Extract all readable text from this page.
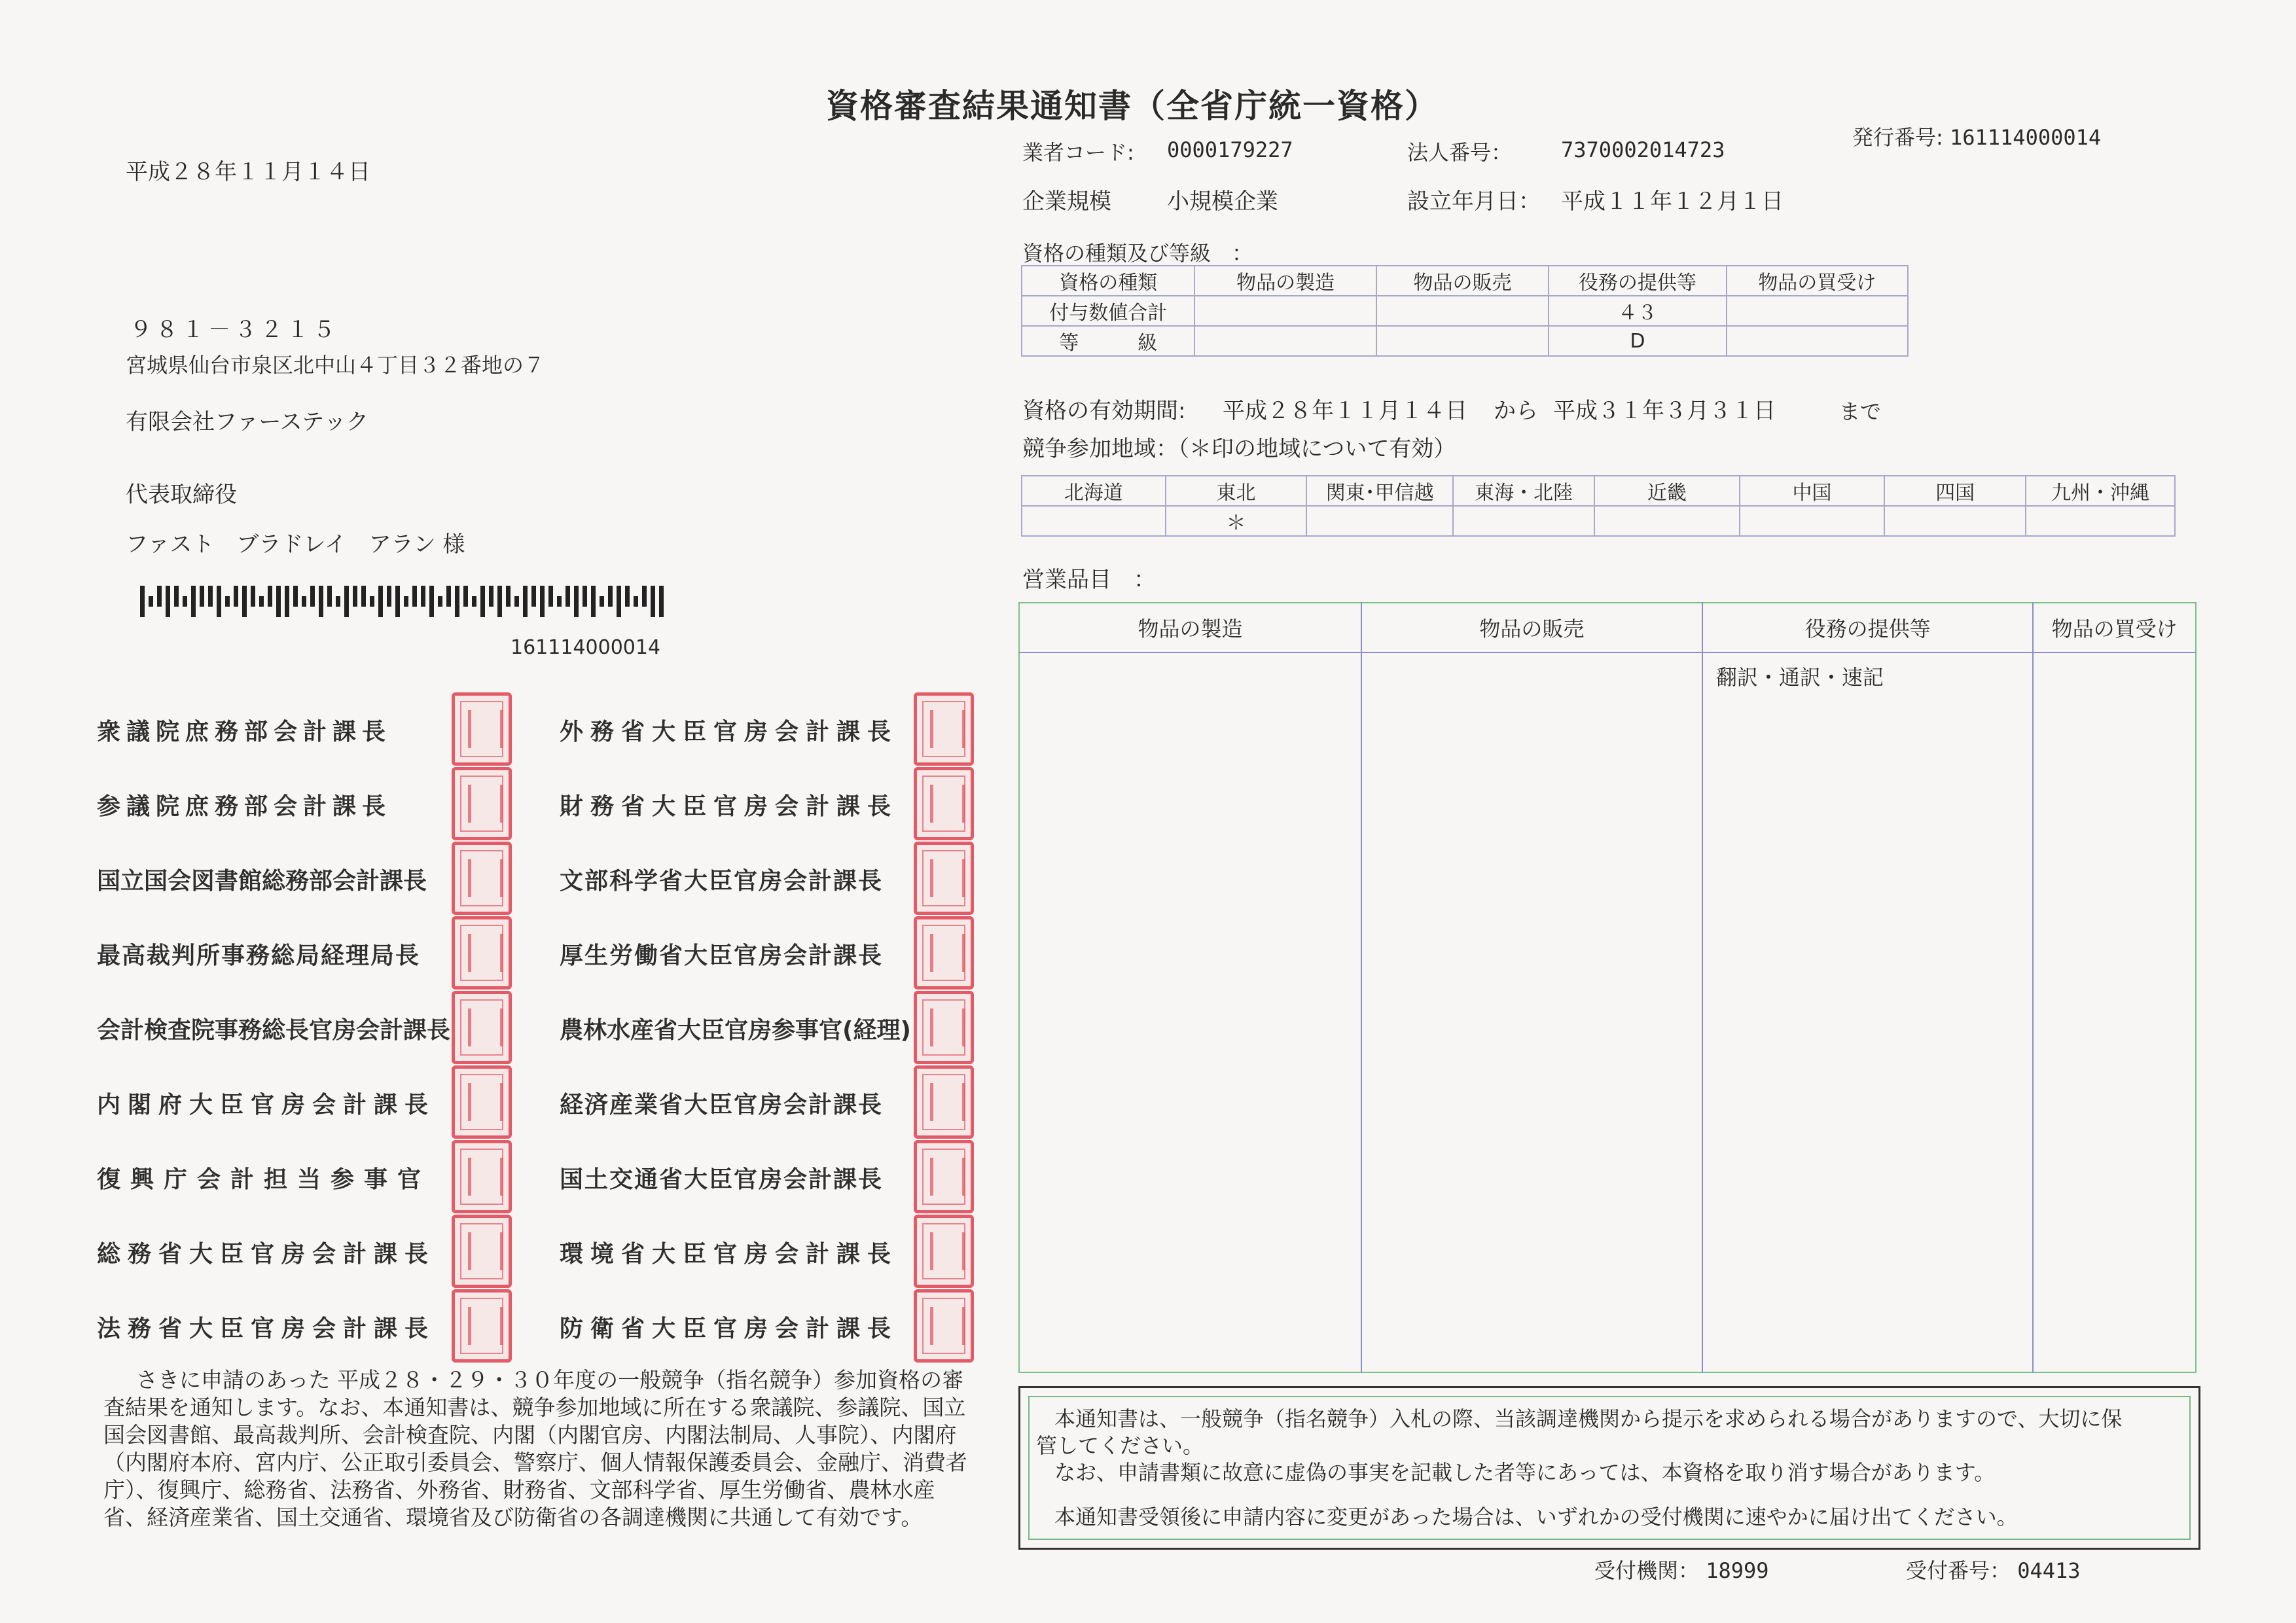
資格審査結果通知書（全省庁統一資格）
平成２８年１１月１４日
９８１－３２１５
宮城県仙台市泉区北中山４丁目３２番地の７
有限会社ファーステック
代表取締役
ファスト　ブラドレイ　アラン 様
161114000014
発行番号: 161114000014
業者コード: 0000179227	法人番号： 7370002014723
企業規模	小規模企業	設立年月日： 平成１１年１２月１日
資格の種類及び等級　：
資格の種類	物品の製造	物品の販売	役務の提供等	物品の買受け
付与数値合計			４３	
等　　　級			D	
資格の有効期間: 平成２８年１１月１４日 から 平成３１年３月３１日	まで
競争参加地域：（＊印の地域について有効）
北海道	東北	関東･甲信越	東海・北陸	近畿	中国	四国	九州・沖縄
	＊						
営業品目　：
物品の製造	物品の販売	役務の提供等	物品の買受け
		翻訳・通訳・速記	
本通知書は、一般競争（指名競争）入札の際、当該調達機関から提示を求められる場合がありますので、大切に保
管してください。
なお、申請書類に故意に虚偽の事実を記載した者等にあっては、本資格を取り消す場合があります。
本通知書受領後に申請内容に変更があった場合は、いずれかの受付機関に速やかに届け出てください。
受付機関： 18999	受付番号： 04413
衆議院庶務部会計課長
参議院庶務部会計課長
国立国会図書館総務部会計課長
最高裁判所事務総局経理局長
会計検査院事務総長官房会計課長
内閣府大臣官房会計課長
復興庁会計担当参事官
総務省大臣官房会計課長
法務省大臣官房会計課長
外務省大臣官房会計課長
財務省大臣官房会計課長
文部科学省大臣官房会計課長
厚生労働省大臣官房会計課長
農林水産省大臣官房参事官(経理)
経済産業省大臣官房会計課長
国土交通省大臣官房会計課長
環境省大臣官房会計課長
防衛省大臣官房会計課長
さきに申請のあった 平成２８・２９・３０年度の一般競争（指名競争）参加資格の審査結果を通知します。なお、本通知書は、競争参加地域に所在する衆議院、参議院、国立国会図書館、最高裁判所、会計検査院、内閣（内閣官房、内閣法制局、人事院）、内閣府（内閣府本府、宮内庁、公正取引委員会、警察庁、個人情報保護委員会、金融庁、消費者庁）、復興庁、総務省、法務省、外務省、財務省、文部科学省、厚生労働省、農林水産省、経済産業省、国土交通省、環境省及び防衛省の各調達機関に共通して有効です。
